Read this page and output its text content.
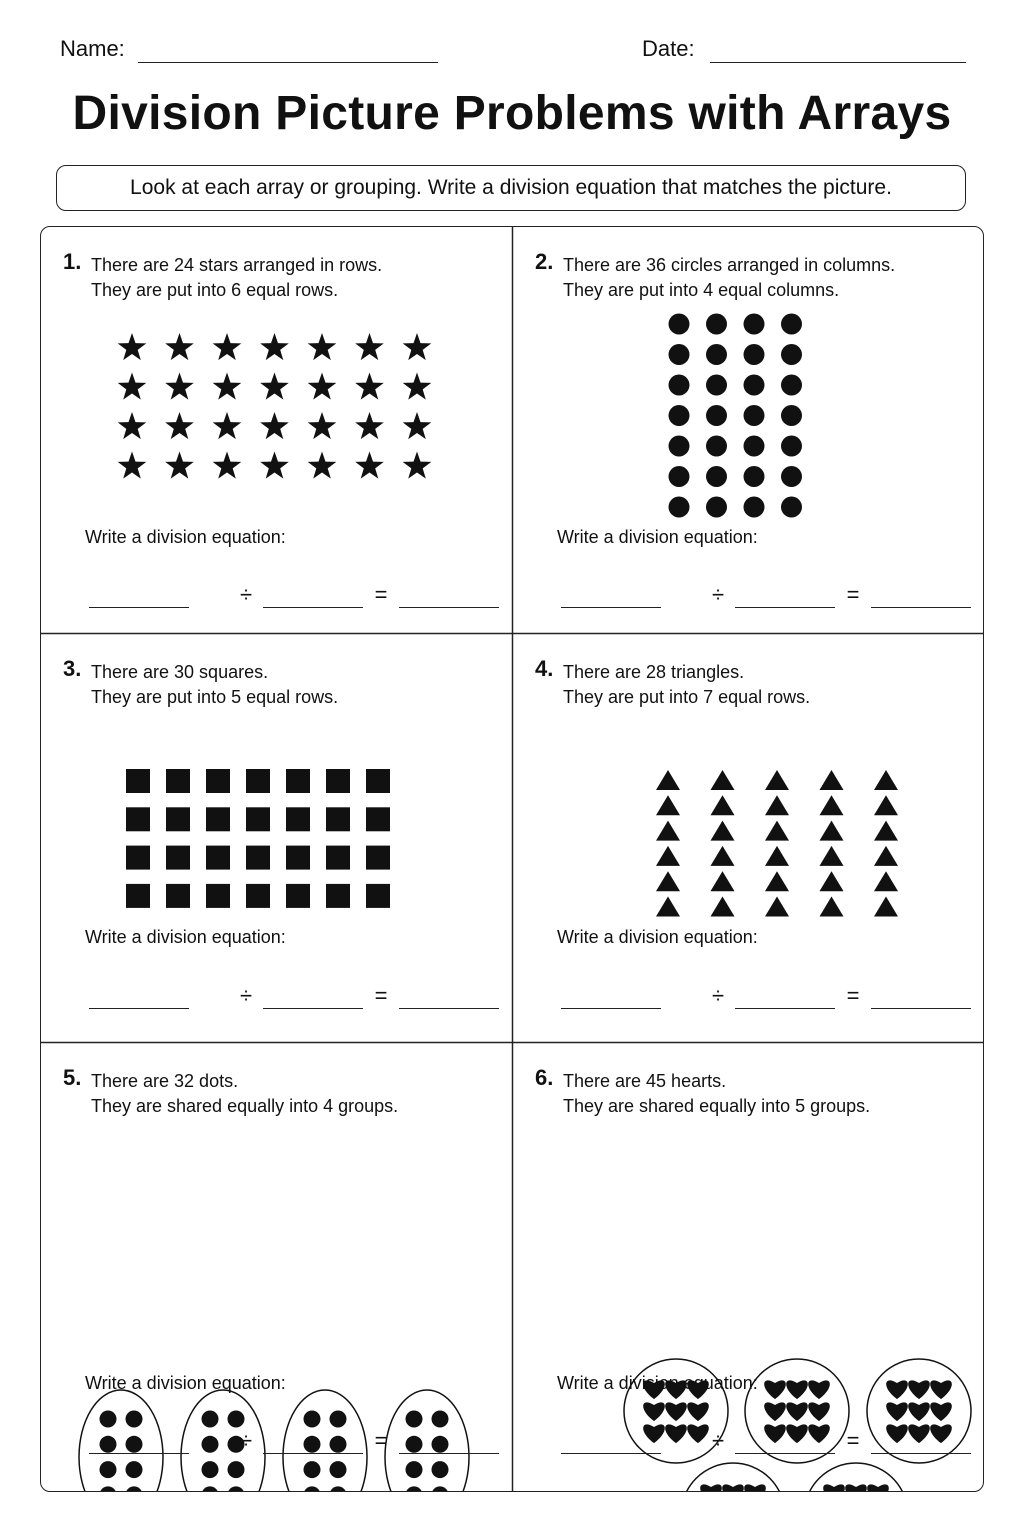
Name:	Date:
Division Picture Problems with Arrays
Look at each array or grouping. Write a division equation that matches the picture.
1. There are 24 stars arranged in rows.
They are put into 6 equal rows.
Write a division equation:
÷	=
2. There are 36 circles arranged in columns.
They are put into 4 equal columns.
Write a division equation:
÷	=
3. There are 30 squares.
They are put into 5 equal rows.
Write a division equation:
÷	=
4. There are 28 triangles.
They are put into 7 equal rows.
Write a division equation:
÷	=
5. There are 32 dots.
They are shared equally into 4 groups.
Write a division equation:
÷	=
6. There are 45 hearts.
They are shared equally into 5 groups.
Write a division equation:
÷	=
